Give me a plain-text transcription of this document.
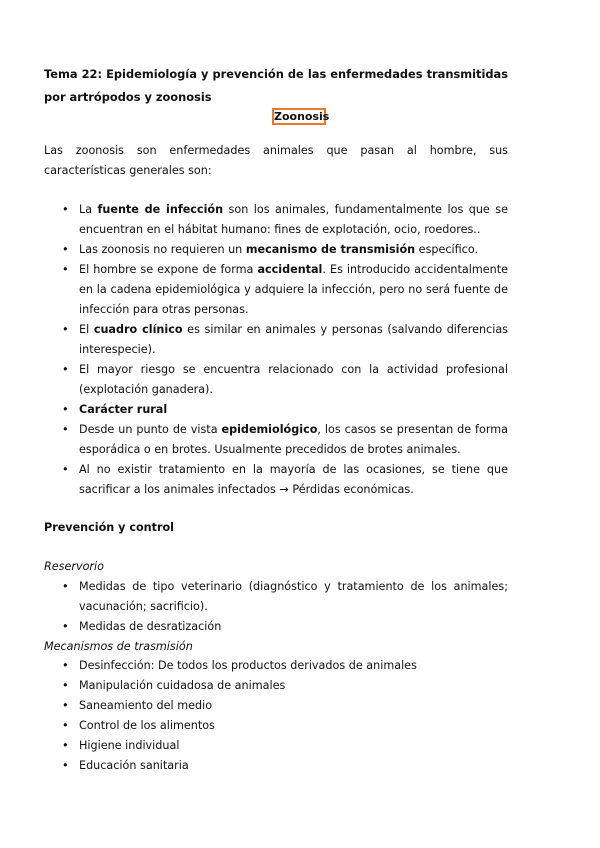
Tema 22: Epidemiología y prevención de las enfermedades transmitidas por artrópodos y zoonosis
Zoonosis
Las zoonosis son enfermedades animales que pasan al hombre, sus características generales son:
• La fuente de infección son los animales, fundamentalmente los que se encuentran en el hábitat humano: fines de explotación, ocio, roedores..
• Las zoonosis no requieren un mecanismo de transmisión específico.
• El hombre se expone de forma accidental. Es introducido accidentalmente en la cadena epidemiológica y adquiere la infección, pero no será fuente de infección para otras personas.
• El cuadro clínico es similar en animales y personas (salvando diferencias interespecie).
• El mayor riesgo se encuentra relacionado con la actividad profesional (explotación ganadera).
• Carácter rural
• Desde un punto de vista epidemiológico, los casos se presentan de forma esporádica o en brotes. Usualmente precedidos de brotes animales.
• Al no existir tratamiento en la mayoría de las ocasiones, se tiene que sacrificar a los animales infectados → Pérdidas económicas.
Prevención y control
Reservorio
• Medidas de tipo veterinario (diagnóstico y tratamiento de los animales; vacunación; sacrificio).
• Medidas de desratización
Mecanismos de trasmisión
• Desinfección: De todos los productos derivados de animales
• Manipulación cuidadosa de animales
• Saneamiento del medio
• Control de los alimentos
• Higiene individual
• Educación sanitaria
